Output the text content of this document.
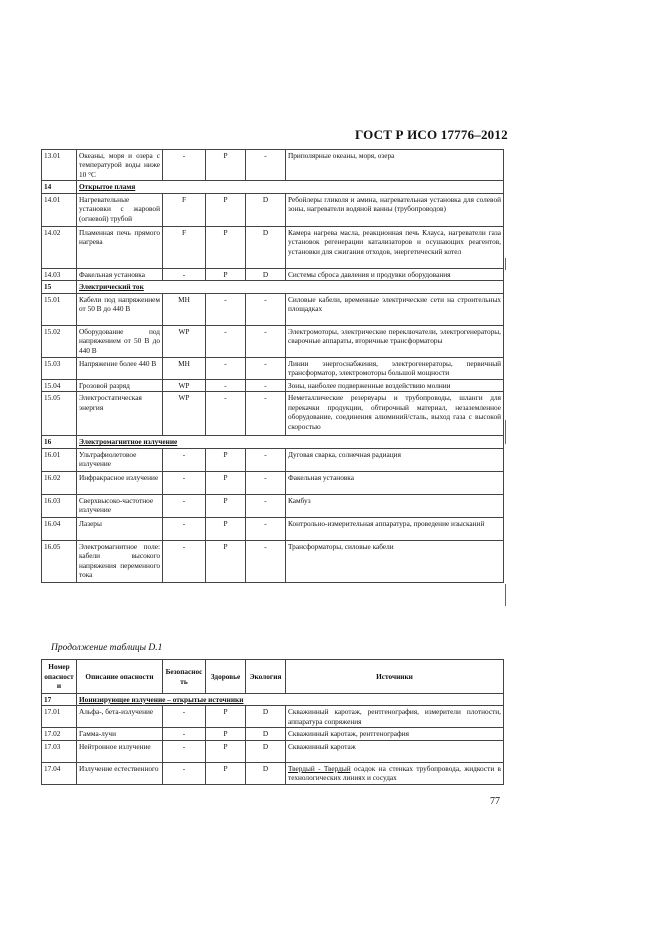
ГОСТ Р ИСО 17776–2012
13.01	Океаны, моря и озера с температурой воды ниже 10 °С	-	P	-	Приполярные океаны, моря, озера
14	Открытое пламя				
14.01	Нагревательные установки с жаровой (огневой) трубой	F	P	D	Ребойлеры гликоля и амина, нагревательная установка для солевой зоны, нагреватели водяной ванны (трубопроводов)
14.02	Пламенная печь прямого нагрева	F	P	D	Камера нагрева масла, реакционная печь Клауса, нагреватели газа установок регенерации катализаторов и осушающих реагентов, установки для сжигания отходов, энергетический котел
14.03	Факельная установка	-	P	D	Системы сброса давления и продувки оборудования
15	Электрический ток				
15.01	Кабели под напряжением от 50 В до 440 В	MH	-	-	Силовые кабели, временные электрические сети на строительных площадках
15.02	Оборудование под напряжением от 50 В до 440 В	WP	-	-	Электромоторы, электрические переключатели, электрогенераторы, сварочные аппараты, вторичные трансформаторы
15.03	Напряжение более 440 В	MH	-	-	Линии энергоснабжения, электрогенераторы, первичный трансформатор, электромоторы большой мощности
15.04	Грозовой разряд	WP	-	-	Зоны, наиболее подверженные воздействию молнии
15.05	Электростатическая энергия	WP	-	-	Неметаллические резервуары и трубопроводы, шланги для перекачки продукции, обтирочный материал, незаземленное оборудование, соединения алюминий/сталь, выход газа с высокой скоростью
16	Электромагнитное излучение				
16.01	Ультрафиолетовое излучение	-	P	-	Дуговая сварка, солнечная радиация
16.02	Инфракрасное излучение	-	P	-	Факельная установка
16.03	Сверхвысоко-частотное излучение	-	P	-	Камбуз
16.04	Лазеры	-	P	-	Контрольно-измерительная аппаратура, проведение изысканий
16.05	Электромагнитное поле: кабели высокого напряжения переменного тока	-	P	-	Трансформаторы, силовые кабели
Продолжение таблицы D.1
Номер опасности	Описание опасности	Безопасность	Здоровье	Экология	Источники
17	Ионизирующее излучение – открытые источники				
17.01	Альфа-, бета-излучение	-	P	D	Скважинный каротаж, рентгенография, измерители плотности, аппаратура сопряжения
17.02	Гамма-лучи	-	P	D	Скважинный каротаж, рентгенография
17.03	Нейтронное излучение	-	P	D	Скважинный каротаж
17.04	Излучение естественного	-	P	D	Твердый - Твердый осадок на стенках трубопровода, жидкости в технологических линиях и сосудах
77
